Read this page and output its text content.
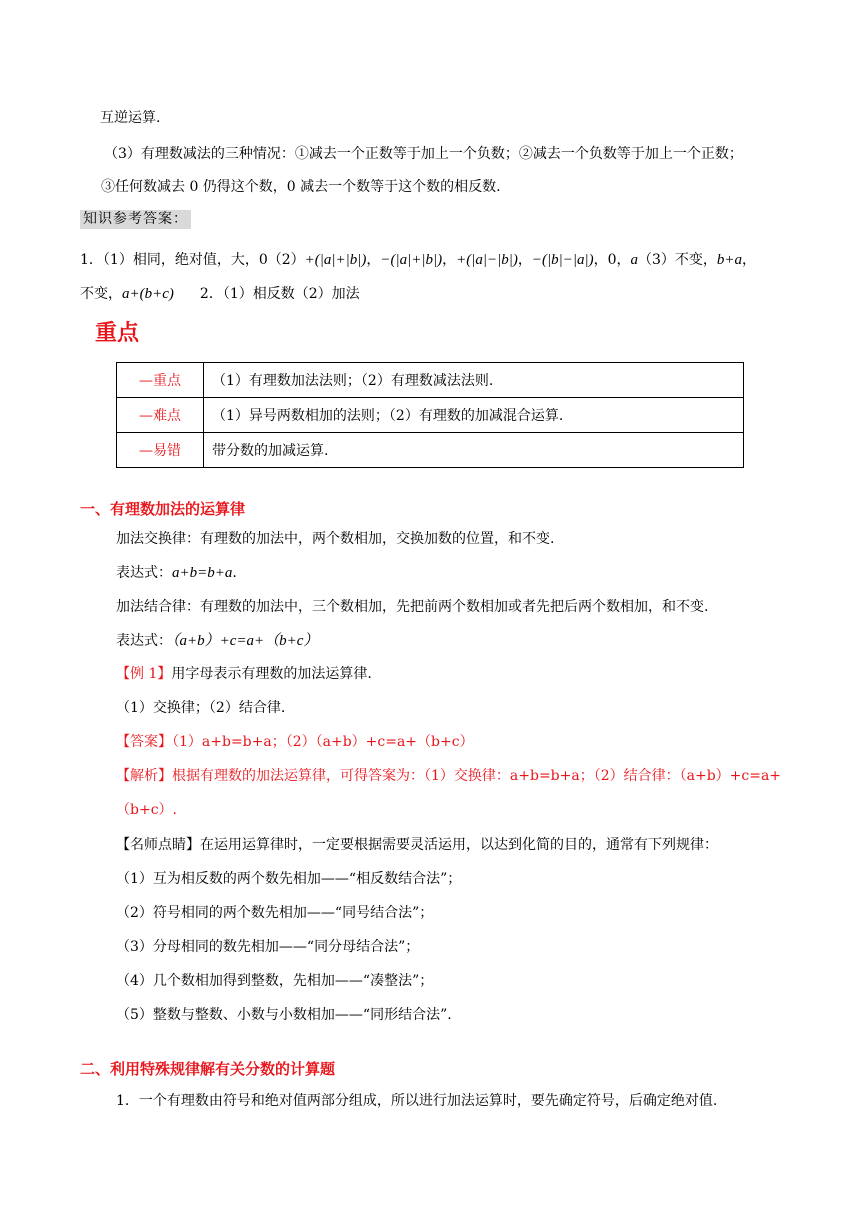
互逆运算.
（3）有理数减法的三种情况：①减去一个正数等于加上一个负数；②减去一个负数等于加上一个正数；
③任何数减去 0 仍得这个数，0 减去一个数等于这个数的相反数.
知识参考答案：
1．（1）相同，绝对值，大，0（2）+(|a|+|b|)，−(|a|+|b|)，+(|a|−|b|)，−(|b|−|a|)，0，a（3）不变，b+a，
不变，a+(b+c) 2．（1）相反数（2）加法
重点
—重点	（1）有理数加法法则；（2）有理数减法法则.
—难点	（1）异号两数相加的法则；（2）有理数的加减混合运算.
—易错	带分数的加减运算.
一、有理数加法的运算律
加法交换律：有理数的加法中，两个数相加，交换加数的位置，和不变.
表达式：a+b=b+a.
加法结合律：有理数的加法中，三个数相加，先把前两个数相加或者先把后两个数相加，和不变.
表达式：（a+b）+c=a+（b+c）
【例 1】用字母表示有理数的加法运算律.
（1）交换律；（2）结合律.
【答案】（1）a+b=b+a；（2）（a+b）+c=a+（b+c）
【解析】根据有理数的加法运算律，可得答案为：（1）交换律：a+b=b+a；（2）结合律：（a+b）+c=a+
（b+c）.
【名师点睛】在运用运算律时，一定要根据需要灵活运用，以达到化简的目的，通常有下列规律：
（1）互为相反数的两个数先相加——“相反数结合法”；
（2）符号相同的两个数先相加——“同号结合法”；
（3）分母相同的数先相加——“同分母结合法”；
（4）几个数相加得到整数，先相加——“凑整法”；
（5）整数与整数、小数与小数相加——“同形结合法”.
二、利用特殊规律解有关分数的计算题
1．一个有理数由符号和绝对值两部分组成，所以进行加法运算时，要先确定符号，后确定绝对值.
